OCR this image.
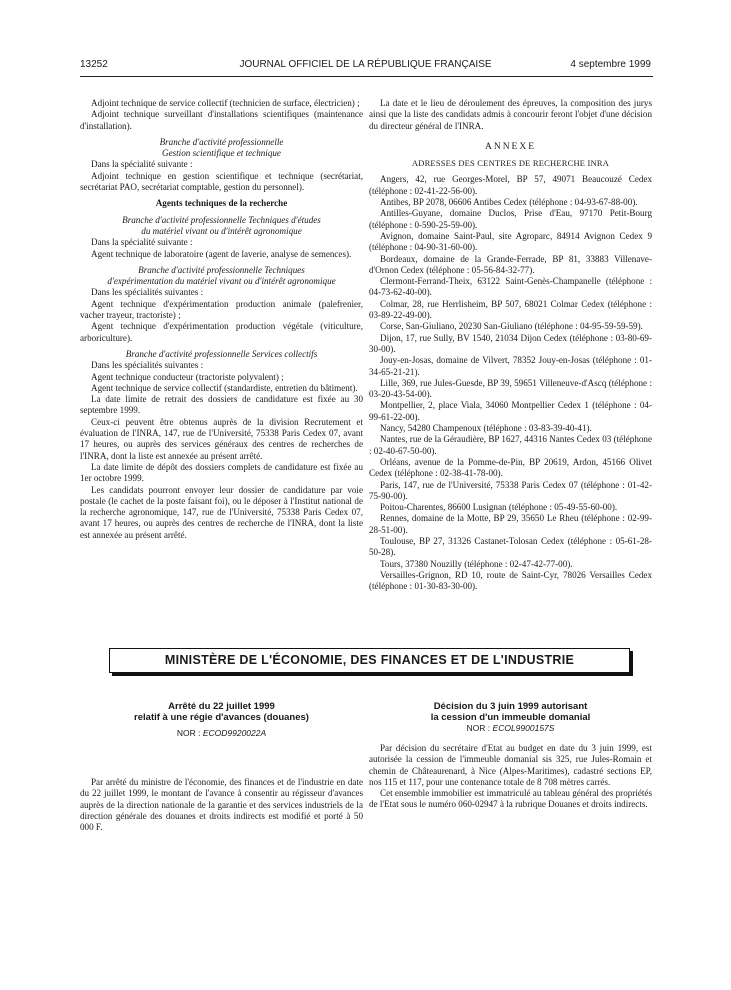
13252	JOURNAL OFFICIEL DE LA RÉPUBLIQUE FRANÇAISE	4 septembre 1999

Adjoint technique de service collectif (technicien de surface, électricien) ;

Adjoint technique surveillant d'installations scientifiques (maintenance d'installation).

Branche d'activité professionnelle

Gestion scientifique et technique

Dans la spécialité suivante :

Adjoint technique en gestion scientifique et technique (secrétariat, secrétariat PAO, secrétariat comptable, gestion du personnel).

Agents techniques de la recherche

Branche d'activité professionnelle Techniques d'études

du matériel vivant ou d'intérêt agronomique

Dans la spécialité suivante :

Agent technique de laboratoire (agent de laverie, analyse de semences).

Branche d'activité professionnelle Techniques

d'expérimentation du matériel vivant ou d'intérêt agronomique

Dans les spécialités suivantes :

Agent technique d'expérimentation production animale (palefrenier, vacher trayeur, tractoriste) ;

Agent technique d'expérimentation production végétale (viticulture, arboriculture).

Branche d'activité professionnelle Services collectifs

Dans les spécialités suivantes :

Agent technique conducteur (tractoriste polyvalent) ;

Agent technique de service collectif (standardiste, entretien du bâtiment).

La date limite de retrait des dossiers de candidature est fixée au 30 septembre 1999.

Ceux-ci peuvent être obtenus auprès de la division Recrutement et évaluation de l'INRA, 147, rue de l'Université, 75338 Paris Cedex 07, avant 17 heures, ou auprès des services généraux des centres de recherches de l'INRA, dont la liste est annexée au présent arrêté.

La date limite de dépôt des dossiers complets de candidature est fixée au 1er octobre 1999.

Les candidats pourront envoyer leur dossier de candidature par voie postale (le cachet de la poste faisant foi), ou le déposer à l'Institut national de la recherche agronomique, 147, rue de l'Université, 75338 Paris Cedex 07, avant 17 heures, ou auprès des centres de recherche de l'INRA, dont la liste est annexée au présent arrêté.

La date et le lieu de déroulement des épreuves, la composition des jurys ainsi que la liste des candidats admis à concourir feront l'objet d'une décision du directeur général de l'INRA.

ANNEXE

ADRESSES DES CENTRES DE RECHERCHE INRA

Angers, 42, rue Georges-Morel, BP 57, 49071 Beaucouzé Cedex (téléphone : 02-41-22-56-00).

Antibes, BP 2078, 06606 Antibes Cedex (téléphone : 04-93-67-88-00).

Antilles-Guyane, domaine Duclos, Prise d'Eau, 97170 Petit-Bourg (téléphone : 0-590-25-59-00).

Avignon, domaine Saint-Paul, site Agroparc, 84914 Avignon Cedex 9 (téléphone : 04-90-31-60-00).

Bordeaux, domaine de la Grande-Ferrade, BP 81, 33883 Villenave-d'Ornon Cedex (téléphone : 05-56-84-32-77).

Clermont-Ferrand-Theix, 63122 Saint-Genès-Champanelle (téléphone : 04-73-62-40-00).

Colmar, 28, rue Herrlisheim, BP 507, 68021 Colmar Cedex (téléphone : 03-89-22-49-00).

Corse, San-Giuliano, 20230 San-Giuliano (téléphone : 04-95-59-59-59).

Dijon, 17, rue Sully, BV 1540, 21034 Dijon Cedex (téléphone : 03-80-69-30-00).

Jouy-en-Josas, domaine de Vilvert, 78352 Jouy-en-Josas (téléphone : 01-34-65-21-21).

Lille, 369, rue Jules-Guesde, BP 39, 59651 Villeneuve-d'Ascq (téléphone : 03-20-43-54-00).

Montpellier, 2, place Viala, 34060 Montpellier Cedex 1 (téléphone : 04-99-61-22-00).

Nancy, 54280 Champenoux (téléphone : 03-83-39-40-41).

Nantes, rue de la Géraudière, BP 1627, 44316 Nantes Cedex 03 (téléphone : 02-40-67-50-00).

Orléans, avenue de la Pomme-de-Pin, BP 20619, Ardon, 45166 Olivet Cedex (téléphone : 02-38-41-78-00).

Paris, 147, rue de l'Université, 75338 Paris Cedex 07 (téléphone : 01-42-75-90-00).

Poitou-Charentes, 86600 Lusignan (téléphone : 05-49-55-60-00).

Rennes, domaine de la Motte, BP 29, 35650 Le Rheu (téléphone : 02-99-28-51-00).

Toulouse, BP 27, 31326 Castanet-Tolosan Cedex (téléphone : 05-61-28-50-28).

Tours, 37380 Nouzilly (téléphone : 02-47-42-77-00).

Versailles-Grignon, RD 10, route de Saint-Cyr, 78026 Versailles Cedex (téléphone : 01-30-83-30-00).

MINISTÈRE DE L'ÉCONOMIE, DES FINANCES ET DE L'INDUSTRIE
Arrêté du 22 juillet 1999
relatif à une régie d'avances (douanes)
NOR : ECOD9920022A

Par arrêté du ministre de l'économie, des finances et de l'industrie en date du 22 juillet 1999, le montant de l'avance à consentir au régisseur d'avances auprès de la direction nationale de la garantie et des services industriels de la direction générale des douanes et droits indirects est modifié et porté à 50 000 F.

Décision du 3 juin 1999 autorisant
la cession d'un immeuble domanial
NOR : ECOL9900157S

Par décision du secrétaire d'Etat au budget en date du 3 juin 1999, est autorisée la cession de l'immeuble domanial sis 325, rue Jules-Romain et chemin de Châteaurenard, à Nice (Alpes-Maritimes), cadastré sections EP, nos 115 et 117, pour une contenance totale de 8 708 mètres carrés.

Cet ensemble immobilier est immatriculé au tableau général des propriétés de l'Etat sous le numéro 060-02947 à la rubrique Douanes et droits indirects.
